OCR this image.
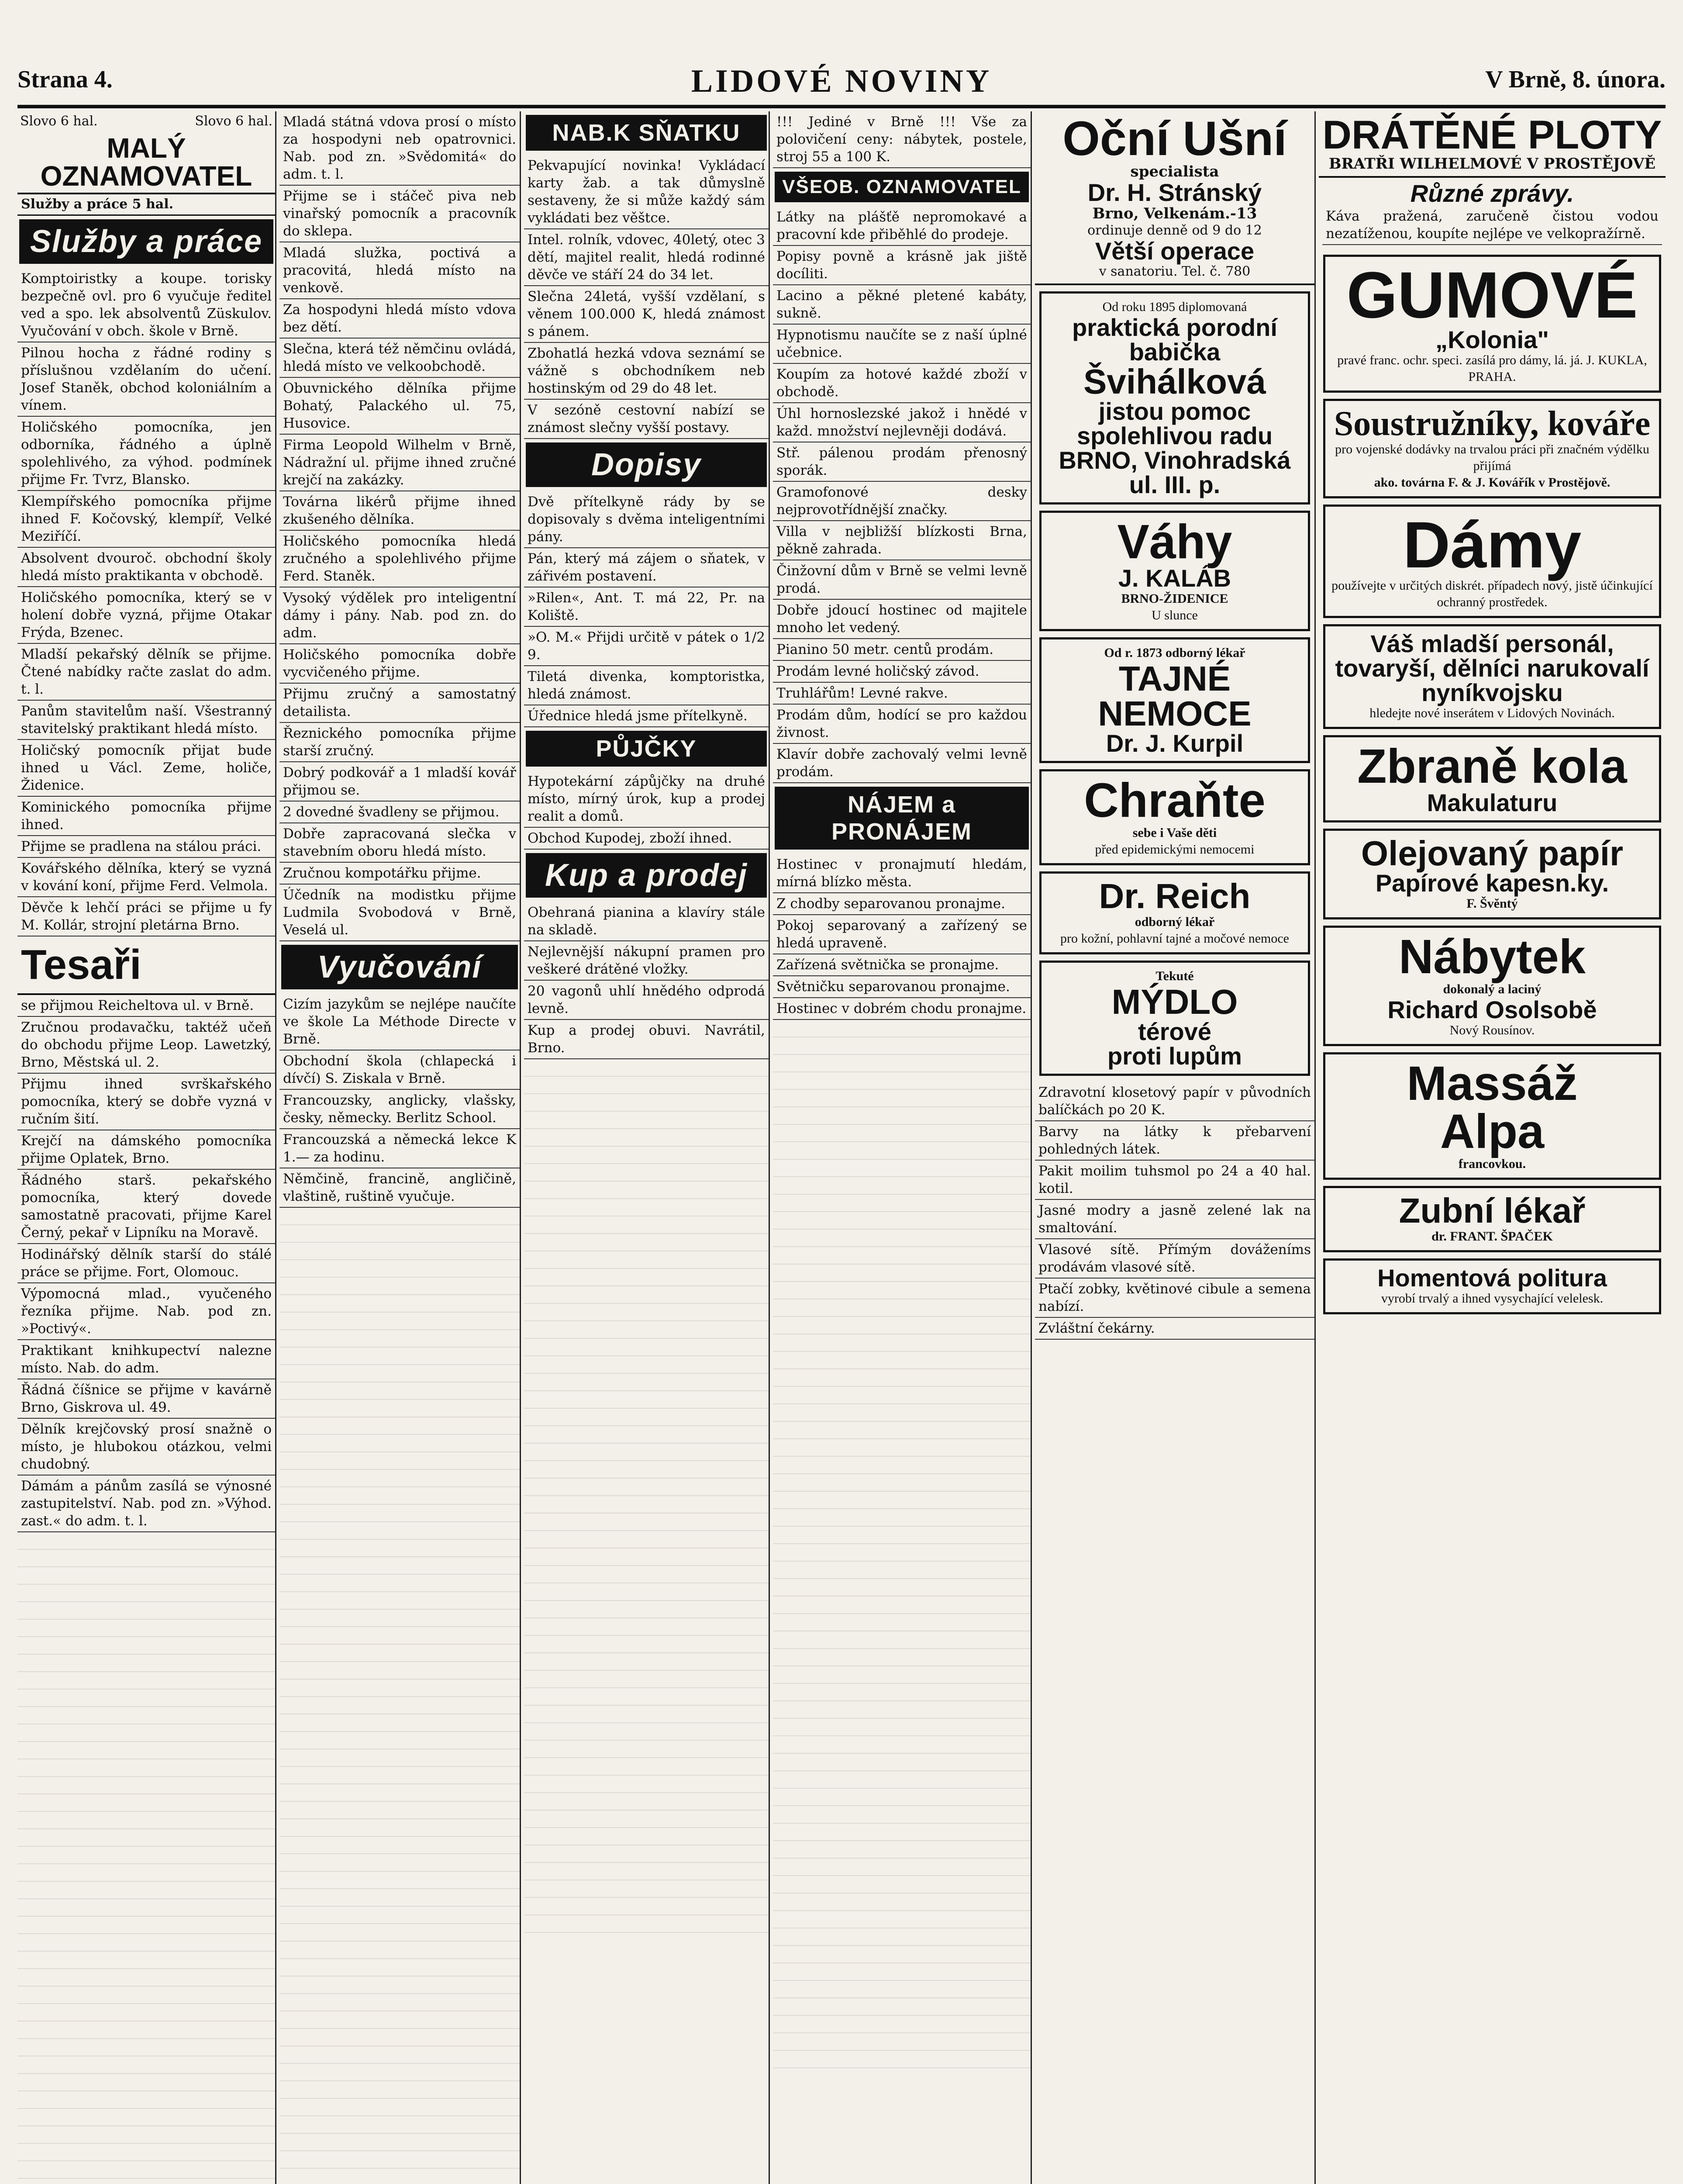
Strana 4.	LIDOVÉ NOVINY	V Brně, 8. února.
Slovo 6 hal.	Slovo 6 hal.
MALÝ OZNAMOVATEL
Služby a práce 5 hal.
Služby a práce

Komptoiristky a koupe. torisky bezpečně ovl. pro 6 vyučuje ředitel ved a spo. lek absolventů Züskulov. Vyučování v obch. škole v Brně.

Pilnou hocha z řádné rodiny s příslušnou vzdělaním do učení. Josef Staněk, obchod koloniálním a vínem.

Holičského pomocníka, jen odborníka, řádného a úplně spolehlivého, za výhod. podmínek přijme Fr. Tvrz, Blansko.

Klempířského pomocníka přijme ihned F. Kočovský, klempíř, Velké Meziříčí.

Absolvent dvouroč. obchodní školy hledá místo praktikanta v obchodě.

Holičského pomocníka, který se v holení dobře vyzná, přijme Otakar Frýda, Bzenec.

Mladší pekařský dělník se přijme. Čtené nabídky račte zaslat do adm. t. l.

Panům stavitelům naší. Všestranný stavitelský praktikant hledá místo.

Holičský pomocník přijat bude ihned u Václ. Zeme, holiče, Židenice.

Kominického pomocníka přijme ihned.

Přijme se pradlena na stálou práci.

Kovářského dělníka, který se vyzná v kování koní, přijme Ferd. Velmola.

Děvče k lehčí práci se přijme u fy M. Kollár, strojní pletárna Brno.

Tesaři

se přijmou Reicheltova ul. v Brně.

Zručnou prodavačku, taktéž učeň do obchodu přijme Leop. Lawetzký, Brno, Městská ul. 2.

Přijmu ihned svrškařského pomocníka, který se dobře vyzná v ručním šití.

Krejčí na dámského pomocníka přijme Oplatek, Brno.

Řádného starš. pekařského pomocníka, který dovede samostatně pracovati, přijme Karel Černý, pekař v Lipníku na Moravě.

Hodinářský dělník starší do stálé práce se přijme. Fort, Olomouc.

Výpomocná mlad., vyučeného řezníka přijme. Nab. pod zn. »Poctivý«.

Praktikant knihkupectví nalezne místo. Nab. do adm.

Řádná číšnice se přijme v kavárně Brno, Giskrova ul. 49.

Dělník krejčovský prosí snažně o místo, je hlubokou otázkou, velmi chudobný.

Dámám a pánům zasílá se výnosné zastupitelství. Nab. pod zn. »Výhod. zast.« do adm. t. l.

Mladá státná vdova prosí o místo za hospodyni neb opatrovnici. Nab. pod zn. »Svědomitá« do adm. t. l.

Přijme se i stáčeč piva neb vinařský pomocník a pracovník do sklepa.

Mladá služka, poctivá a pracovitá, hledá místo na venkově.

Za hospodyni hledá místo vdova bez dětí.

Slečna, která též němčinu ovládá, hledá místo ve velkoobchodě.

Obuvnického dělníka přijme Bohatý, Palackého ul. 75, Husovice.

Firma Leopold Wilhelm v Brně, Nádražní ul. přijme ihned zručné krejčí na zakázky.

Továrna likérů přijme ihned zkušeného dělníka.

Holičského pomocníka hledá zručného a spolehlivého přijme Ferd. Staněk.

Vysoký výdělek pro inteligentní dámy i pány. Nab. pod zn. do adm.

Holičského pomocníka dobře vycvičeného přijme.

Přijmu zručný a samostatný detailista.

Řeznického pomocníka přijme starší zručný.

Dobrý podkovář a 1 mladší kovář přijmou se.

2 dovedné švadleny se přijmou.

Dobře zapracovaná slečka v stavebním oboru hledá místo.

Zručnou kompotářku přijme.

Účedník na modistku přijme Ludmila Svobodová v Brně, Veselá ul.

Vyučování

Cizím jazykům se nejlépe naučíte ve škole La Méthode Directe v Brně.

Obchodní škola (chlapecká i dívčí) S. Ziskala v Brně.

Francouzsky, anglicky, vlašsky, česky, německy. Berlitz School.

Francouzská a německá lekce K 1.— za hodinu.

Němčině, francině, angličině, vlaštině, ruštině vyučuje.

NAB.K SŇATKU

Pekvapující novinka! Vykládací karty žab. a tak důmyslně sestaveny, že si může každý sám vykládati bez věštce.

Intel. rolník, vdovec, 40letý, otec 3 dětí, majitel realit, hledá rodinné děvče ve stáří 24 do 34 let.

Slečna 24letá, vyšší vzdělaní, s věnem 100.000 K, hledá známost s pánem.

Zbohatlá hezká vdova seznámí se vážně s obchodníkem neb hostinským od 29 do 48 let.

V sezóně cestovní nabízí se známost slečny vyšší postavy.

Dopisy

Dvě přítelkyně rády by se dopisovaly s dvěma inteligentními pány.

Pán, který má zájem o sňatek, v zářivém postavení.

»Rilen«, Ant. T. má 22, Pr. na Koliště.

»O. M.« Přijdi určitě v pátek o 1/2 9.

Tiletá divenka, komptoristka, hledá známost.

Úřednice hledá jsme přítelkyně.

PŮJČKY

Hypotekární zápůjčky na druhé místo, mírný úrok, kup a prodej realit a domů.

Obchod Kupodej, zboží ihned.

Kup a prodej

Obehraná pianina a klavíry stále na skladě.

Nejlevnější nákupní pramen pro veškeré drátěné vložky.

20 vagonů uhlí hnědého odprodá levně.

Kup a prodej obuvi. Navrátil, Brno.

!!! Jediné v Brně !!! Vše za polovičení ceny: nábytek, postele, stroj 55 a 100 K.

VŠEOB. OZNAMOVATEL

Látky na plášťě nepromokavé a pracovní kde přiběhlé do prodeje.

Popisy povně a krásně jak jiště docíliti.

Lacino a pěkné pletené kabáty, sukně.

Hypnotismu naučíte se z naší úplné učebnice.

Koupím za hotové každé zboží v obchodě.

Úhl hornoslezské jakož i hnědé v každ. množství nejlevněji dodává.

Stř. pálenou prodám přenosný sporák.

Gramofonové desky nejprovotřídnější značky.

Villa v nejbližší blízkosti Brna, pěkně zahrada.

Činžovní dům v Brně se velmi levně prodá.

Dobře jdoucí hostinec od majitele mnoho let vedený.

Pianino 50 metr. centů prodám.

Prodám levné holičský závod.

Truhlářům! Levné rakve.

Prodám dům, hodící se pro každou živnost.

Klavír dobře zachovalý velmi levně prodám.

NÁJEM a PRONÁJEM

Hostinec v pronajmutí hledám, mírná blízko města.

Z chodby separovanou pronajme.

Pokoj separovaný a zařízený se hledá upraveně.

Zařízená světnička se pronajme.

Světničku separovanou pronajme.

Hostinec v dobrém chodu pronajme.

Oční Ušní
specialista
Dr. H. Stránský
Brno, Velkenám.-13
ordinuje denně od 9 do 12
Větší operace
v sanatoriu. Tel. č. 780
Od roku 1895 diplomovaná
praktická porodní babička
Švihálková
jistou pomoc
spolehlivou radu
BRNO, Vinohradská ul. III. p.
Váhy
J. KALÁB
BRNO-ŽIDENICE
U slunce
Od r. 1873 odborný lékař
TAJNÉ NEMOCE
Dr. J. Kurpil
Chraňte
sebe i Vaše děti
před epidemickými nemocemi
Dr. Reich
odborný lékař
pro kožní, pohlavní tajné a močové nemoce
Tekuté
MÝDLO
térové
proti lupům

Zdravotní klosetový papír v původních balíčkách po 20 K.

Barvy na látky k přebarvení pohledných látek.

Pakit moilim tuhsmol po 24 a 40 hal. kotil.

Jasné modry a jasně zelené lak na smaltování.

Vlasové sítě. Přímým dováženíms prodávám vlasové sítě.

Ptačí zobky, květinové cibule a semena nabízí.

Zvláštní čekárny.

DRÁTĚNÉ PLOTY
BRATŘI WILHELMOVÉ V PROSTĚJOVĚ
Různé zprávy.

Káva pražená, zaručeně čistou vodou nezatíženou, koupíte nejlépe ve velkopražírně.

GUMOVÉ
„Kolonia"
pravé franc. ochr. speci. zasílá pro dámy, lá. já. J. KUKLA, PRAHA.
Soustružníky, kováře
pro vojenské dodávky na trvalou práci při značném výdělku přijímá
ako. továrna F. & J. Kovářík v Prostějově.
Dámy
používejte v určitých diskrét. případech nový, jistě účinkující ochranný prostředek.
Váš mladší personál, tovaryší, dělníci narukovalí nyníkvojsku
hledejte nové inserátem v Lidových Novinách.
Zbraně kola
Makulaturu
Olejovaný papír
Papírové kapesn.ky.
F. Švěntý
Nábytek
dokonalý a laciný
Richard Osolsobě
Nový Rousínov.
Massáž
Alpa
francovkou.
Zubní lékař
dr. FRANT. ŠPAČEK
Homentová politura
vyrobí trvalý a ihned vysychající velelesk.
